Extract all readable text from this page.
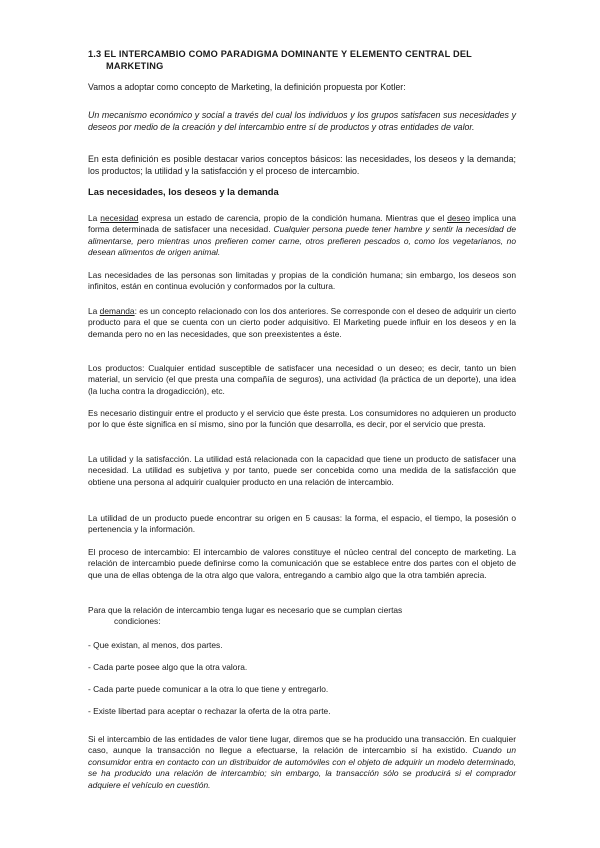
1.3 EL INTERCAMBIO COMO PARADIGMA DOMINANTE Y ELEMENTO CENTRAL DEL
MARKETING

Vamos a adoptar como concepto de Marketing, la definición propuesta por Kotler:

Un mecanismo económico y social a través del cual los individuos y los grupos satisfacen sus necesidades y deseos por medio de la creación y del intercambio entre sí de productos y otras entidades de valor.

En esta definición es posible destacar varios conceptos básicos: las necesidades, los deseos y la demanda; los productos; la utilidad y la satisfacción y el proceso de intercambio.

Las necesidades, los deseos y la demanda

La necesidad expresa un estado de carencia, propio de la condición humana. Mientras que el deseo implica una forma determinada de satisfacer una necesidad. Cualquier persona puede tener hambre y sentir la necesidad de alimentarse, pero mientras unos prefieren comer carne, otros prefieren pescados o, como los vegetarianos, no desean alimentos de origen animal.

Las necesidades de las personas son limitadas y propias de la condición humana; sin embargo, los deseos son infinitos, están en continua evolución y conformados por la cultura.

La demanda: es un concepto relacionado con los dos anteriores. Se corresponde con el deseo de adquirir un cierto producto para el que se cuenta con un cierto poder adquisitivo. El Marketing puede influir en los deseos y en la demanda pero no en las necesidades, que son preexistentes a éste.

Los productos: Cualquier entidad susceptible de satisfacer una necesidad o un deseo; es decir, tanto un bien material, un servicio (el que presta una compañía de seguros), una actividad (la práctica de un deporte), una idea (la lucha contra la drogadicción), etc.

Es necesario distinguir entre el producto y el servicio que éste presta. Los consumidores no adquieren un producto por lo que éste significa en sí mismo, sino por la función que desarrolla, es decir, por el servicio que presta.

La utilidad y la satisfacción. La utilidad está relacionada con la capacidad que tiene un producto de satisfacer una necesidad. La utilidad es subjetiva y por tanto, puede ser concebida como una medida de la satisfacción que obtiene una persona al adquirir cualquier producto en una relación de intercambio.

La utilidad de un producto puede encontrar su origen en 5 causas: la forma, el espacio, el tiempo, la posesión o pertenencia y la información.

El proceso de intercambio: El intercambio de valores constituye el núcleo central del concepto de marketing. La relación de intercambio puede definirse como la comunicación que se establece entre dos partes con el objeto de que una de ellas obtenga de la otra algo que valora, entregando a cambio algo que la otra también aprecia.

Para que la relación de intercambio tenga lugar es necesario que se cumplan ciertas
condiciones:

- Que existan, al menos, dos partes.

- Cada parte posee algo que la otra valora.

- Cada parte puede comunicar a la otra lo que tiene y entregarlo.

- Existe libertad para aceptar o rechazar la oferta de la otra parte.

Si el intercambio de las entidades de valor tiene lugar, diremos que se ha producido una transacción. En cualquier caso, aunque la transacción no llegue a efectuarse, la relación de intercambio sí ha existido. Cuando un consumidor entra en contacto con un distribuidor de automóviles con el objeto de adquirir un modelo determinado, se ha producido una relación de intercambio; sin embargo, la transacción sólo se producirá si el comprador adquiere el vehículo en cuestión.
